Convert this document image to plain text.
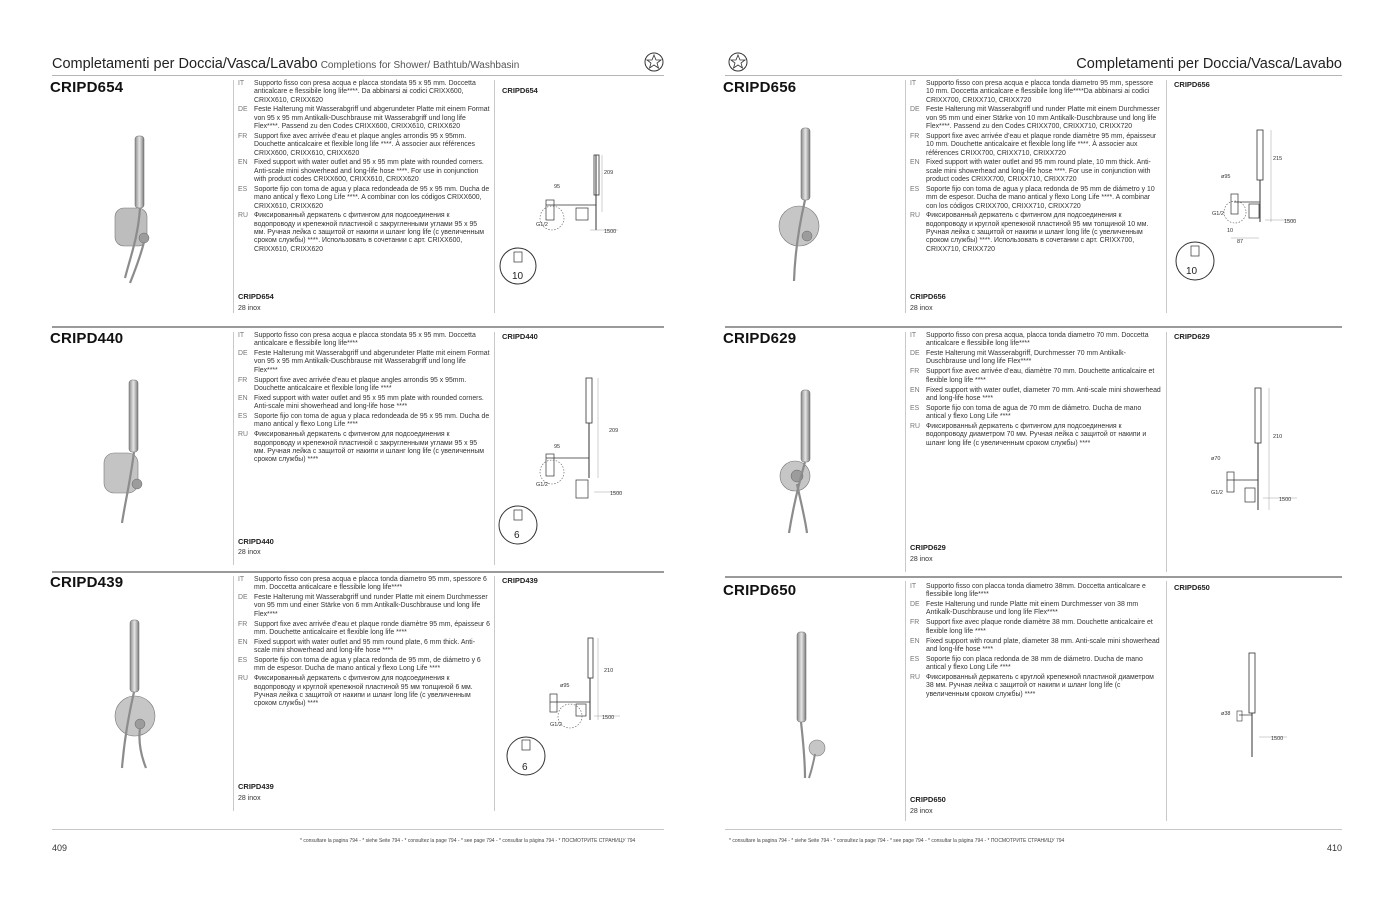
Completamenti per Doccia/Vasca/Lavabo Completions for Shower/ Bathtub/Washbasin
CRIPD654	IT	Supporto fisso con presa acqua e placca stondata 95 x 95 mm. Doccetta anticalcare e flessibile long life****. Da abbinarsi ai codici CRIXX600, CRIXX610, CRIXX620
DE Feste Halterung mit Wasserabgriff und abgerundeter Platte mit einem Format von 95 x 95 mm Antikalk-Duschbrause mit Wasserabgriff und long life Flex****. Passend zu den Codes CRIXX600, CRIXX610, CRIXX620
FR Support fixe avec arrivée d’eau et plaque angles arrondis 95 x 95mm. Douchette anticalcaire et flexible long life ****. À associer aux références CRIXX600, CRIXX610, CRIXX620
EN Fixed support with water outlet and 95 x 95 mm plate with rounded corners. Anti-scale mini showerhead and long-life hose ****. For use in conjunction with product codes CRIXX600, CRIXX610, CRIXX620
ES Soporte fijo con toma de agua y placa redondeada de 95 x 95 mm. Ducha de mano antical y flexo Long Life ****. A combinar con los códigos CRIXX600, CRIXX610, CRIXX620
RU Фиксированный держатель с фитингом для подсоединения к водопроводу и крепежной пластиной с закругленными углами 95 x 95 мм. Ручная лейка с защитой от накипи и шланг long life (с увеличенным сроком службы) ****. Использовать в сочетании с арт. CRIXX600, CRIXX610, CRIXX620
CRIPD654
28 inox
CRIPD654
209
1500
95
G1/2
10
CRIPD440	IT	Supporto fisso con presa acqua e placca stondata 95 x 95 mm. Doccetta anticalcare e flessibile long life****
DE Feste Halterung mit Wasserabgriff und abgerundeter Platte mit einem Format von 95 x 95 mm Antikalk-Duschbrause mit Wasserabgriff und long life Flex****
FR Support fixe avec arrivée d’eau et plaque angles arrondis 95 x 95mm. Douchette anticalcaire et flexible long life ****
EN Fixed support with water outlet and 95 x 95 mm plate with rounded corners. Anti-scale mini showerhead and long-life hose ****
ES Soporte fijo con toma de agua y placa redondeada de 95 x 95 mm. Ducha de mano antical y flexo Long Life ****
RU Фиксированный держатель с фитингом для подсоединения к водопроводу и крепежной пластиной с закругленными углами 95 x 95 мм. Ручная лейка с защитой от накипи и шланг long life (с увеличенным сроком службы) ****
CRIPD440
28 inox
CRIPD440
209
1500
95
G1/2
6
CRIPD439	IT	Supporto fisso con presa acqua e placca tonda diametro 95 mm, spessore 6 mm. Doccetta anticalcare e flessibile long life****
DE Feste Halterung mit Wasserabgriff und runder Platte mit einem Durchmesser von 95 mm und einer Stärke von 6 mm Antikalk-Duschbrause und long life Flex****
FR Support fixe avec arrivée d’eau et plaque ronde diamètre 95 mm, épaisseur 6 mm. Douchette anticalcaire et flexible long life ****
EN Fixed support with water outlet and 95 mm round plate, 6 mm thick. Anti-scale mini showerhead and long-life hose ****
ES Soporte fijo con toma de agua y placa redonda de 95 mm, de diámetro y 6 mm de espesor. Ducha de mano antical y flexo Long Life ****
RU Фиксированный держатель с фитингом для подсоединения к водопроводу и круглой крепежной пластиной 95 мм толщиной 6 мм. Ручная лейка с защитой от накипи и шланг long life (с увеличенным сроком службы) ****
CRIPD439
28 inox
CRIPD439
210
1500
ø95
G1/2
6
409
* consultare la pagina 794 - * siehe Seite 794 - * consultez la page 794 - * see page 794 - * consultar la página 794 - * ПОСМОТРИТЕ СТРАНИЦУ 794
Completamenti per Doccia/Vasca/Lavabo
CRIPD656	IT	Supporto fisso con presa acqua e placca tonda diametro 95 mm, spessore 10 mm. Doccetta anticalcare e flessibile long life****Da abbinarsi ai codici CRIXX700, CRIXX710, CRIXX720
DE Feste Halterung mit Wasserabgriff und runder Platte mit einem Durchmesser von 95 mm und einer Stärke von 10 mm Antikalk-Duschbrause und long life Flex****. Passend zu den Codes CRIXX700, CRIXX710, CRIXX720
FR Support fixe avec arrivée d’eau et plaque ronde diamètre 95 mm, épaisseur 10 mm. Douchette anticalcaire et flexible long life ****. À associer aux références CRIXX700, CRIXX710, CRIXX720
EN Fixed support with water outlet and 95 mm round plate, 10 mm thick. Anti-scale mini showerhead and long-life hose ****. For use in conjunction with product codes CRIXX700, CRIXX710, CRIXX720
ES Soporte fijo con toma de agua y placa redonda de 95 mm de diámetro y 10 mm de espesor. Ducha de mano antical y flexo Long Life ****. A combinar con los códigos CRIXX700, CRIXX710, CRIXX720
RU Фиксированный держатель с фитингом для подсоединения к водопроводу и круглой крепежной пластиной 95 мм толщиной 10 мм. Ручная лейка с защитой от накипи и шланг long life (с увеличенным сроком службы) ****. Использовать в сочетании с арт. CRIXX700, CRIXX710, CRIXX720
CRIPD656
28 inox
CRIPD656
215
1500
ø95
G1/2
87
10
10
CRIPD629	IT	Supporto fisso con presa acqua, placca tonda diametro 70 mm. Doccetta anticalcare e flessibile long life****
DE Feste Halterung mit Wasserabgriff, Durchmesser 70 mm Antikalk-Duschbrause und long life Flex****
FR Support fixe avec arrivée d’eau, diamètre 70 mm. Douchette anticalcaire et flexible long life ****
EN Fixed support with water outlet, diameter 70 mm. Anti-scale mini showerhead and long-life hose ****
ES Soporte fijo con toma de agua de 70 mm de diámetro. Ducha de mano antical y flexo Long Life ****
RU Фиксированный держатель с фитингом для подсоединения к водопроводу диаметром 70 мм. Ручная лейка с защитой от накипи и шланг long life (с увеличенным сроком службы) ****
CRIPD629
28 inox
CRIPD629
210
1500
ø70
G1/2
CRIPD650	IT	Supporto fisso con placca tonda diametro 38mm. Doccetta anticalcare e flessibile long life****
DE Feste Halterung und runde Platte mit einem Durchmesser von 38 mm Antikalk-Duschbrause und long life Flex****
FR Support fixe avec plaque ronde diamètre 38 mm. Douchette anticalcaire et flexible long life ****
EN Fixed support with round plate, diameter 38 mm. Anti-scale mini showerhead and long-life hose ****
ES Soporte fijo con placa redonda de 38 mm de diámetro. Ducha de mano antical y flexo Long Life ****
RU Фиксированный держатель с круглой крепежной пластиной диаметром 38 мм. Ручная лейка с защитой от накипи и шланг long life (с увеличенным сроком службы) ****
CRIPD650
28 inox
CRIPD650
1500
ø38
* consultare la pagina 794 - * siehe Seite 794 - * consultez la page 794 - * see page 794 - * consultar la página 794 - * ПОСМОТРИТЕ СТРАНИЦУ 794
410
